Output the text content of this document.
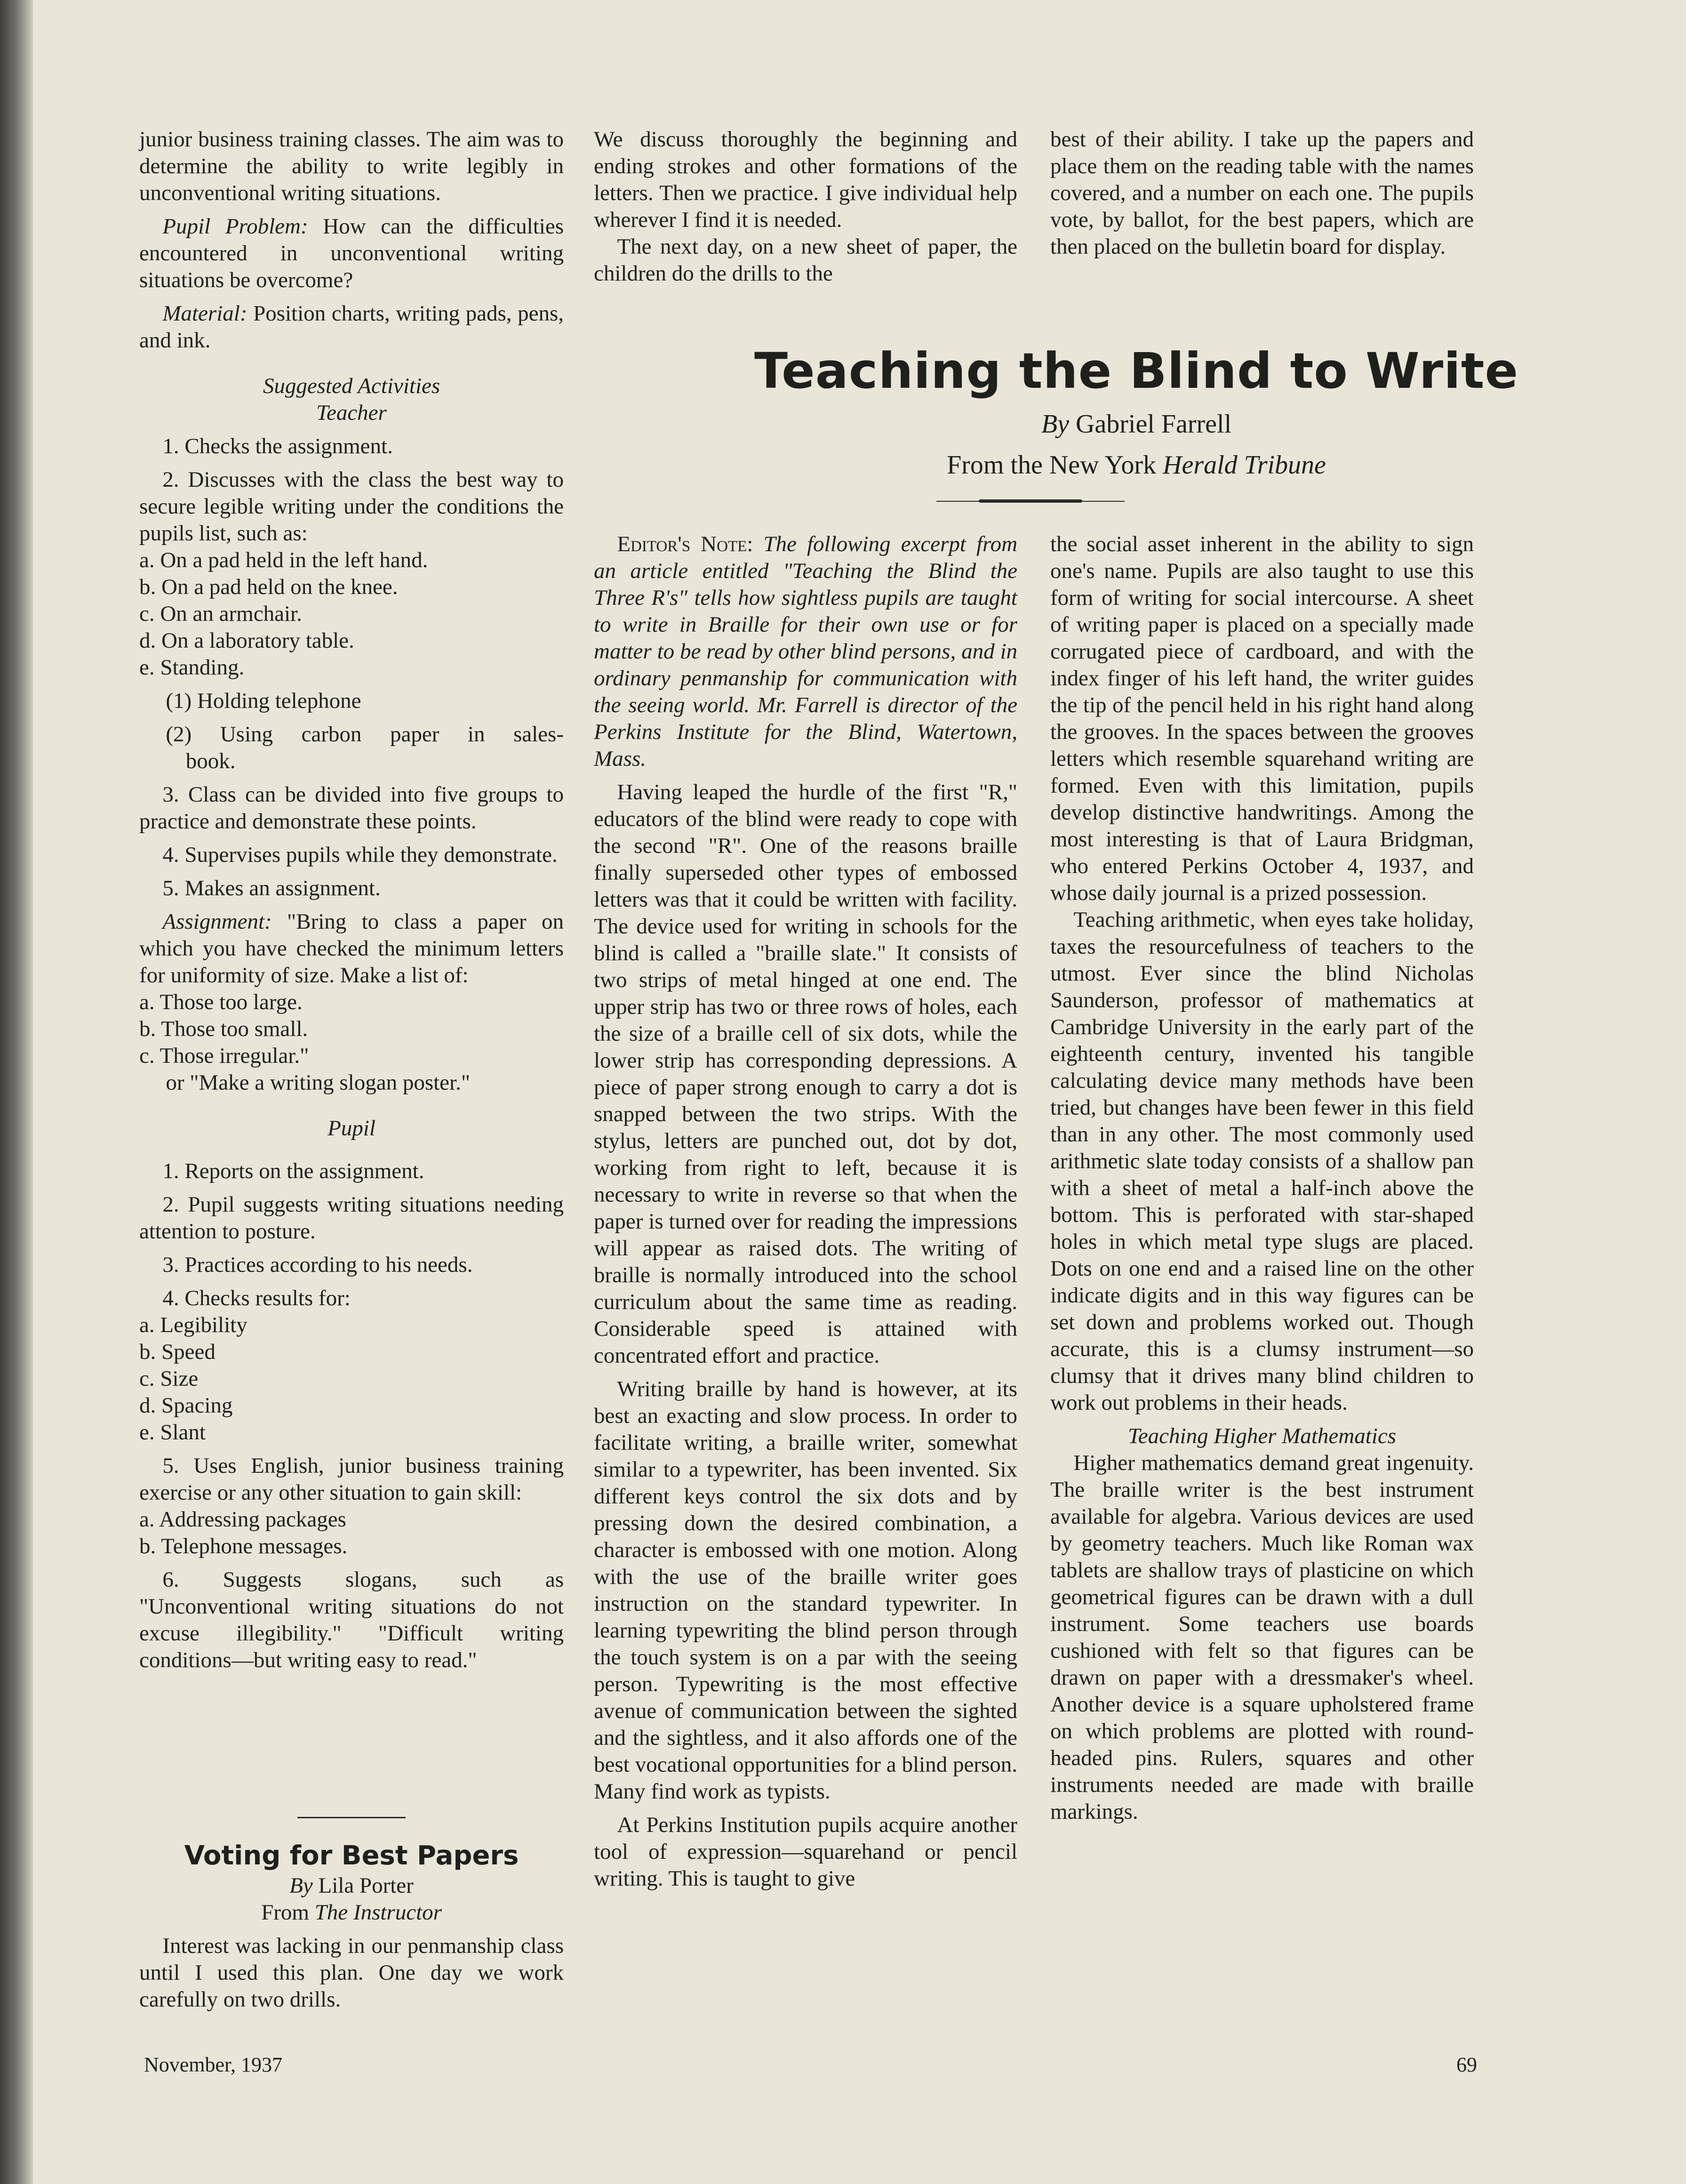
junior business training classes. The aim was to determine the ability to write legibly in unconventional writing situations.

Pupil Problem: How can the difficulties encountered in unconventional writing situations be overcome?

Material: Position charts, writing pads, pens, and ink.

Suggested Activities

Teacher

1. Checks the assignment.

2. Discusses with the class the best way to secure legible writing under the conditions the pupils list, such as:

a. On a pad held in the left hand.

b. On a pad held on the knee.

c. On an armchair.

d. On a laboratory table.

e. Standing.

(1) Holding telephone

(2) Using carbon paper in sales-

book.

3. Class can be divided into five groups to practice and demonstrate these points.

4. Supervises pupils while they demonstrate.

5. Makes an assignment.

Assignment: "Bring to class a paper on which you have checked the minimum letters for uniformity of size. Make a list of:

a. Those too large.

b. Those too small.

c. Those irregular."

or "Make a writing slogan poster."

Pupil

1. Reports on the assignment.

2. Pupil suggests writing situations needing attention to posture.

3. Practices according to his needs.

4. Checks results for:

a. Legibility

b. Speed

c. Size

d. Spacing

e. Slant

5. Uses English, junior business training exercise or any other situation to gain skill:

a. Addressing packages

b. Telephone messages.

6. Suggests slogans, such as "Unconventional writing situations do not excuse illegibility." "Difficult writing conditions—but writing easy to read."

Voting for Best Papers

By Lila Porter

From The Instructor

Interest was lacking in our penmanship class until I used this plan. One day we work carefully on two drills.

We discuss thoroughly the beginning and ending strokes and other formations of the letters. Then we practice. I give individual help wherever I find it is needed.

The next day, on a new sheet of paper, the children do the drills to the

best of their ability. I take up the papers and place them on the reading table with the names covered, and a number on each one. The pupils vote, by ballot, for the best papers, which are then placed on the bulletin board for display.

Teaching the Blind to Write
By Gabriel Farrell
From the New York Herald Tribune

Editor's Note: The following excerpt from an article entitled "Teaching the Blind the Three R's" tells how sightless pupils are taught to write in Braille for their own use or for matter to be read by other blind persons, and in ordinary penmanship for communication with the seeing world. Mr. Farrell is director of the Perkins Institute for the Blind, Watertown, Mass.

Having leaped the hurdle of the first "R," educators of the blind were ready to cope with the second "R". One of the reasons braille finally superseded other types of embossed letters was that it could be written with facility. The device used for writing in schools for the blind is called a "braille slate." It consists of two strips of metal hinged at one end. The upper strip has two or three rows of holes, each the size of a braille cell of six dots, while the lower strip has corresponding depressions. A piece of paper strong enough to carry a dot is snapped between the two strips. With the stylus, letters are punched out, dot by dot, working from right to left, because it is necessary to write in reverse so that when the paper is turned over for reading the impressions will appear as raised dots. The writing of braille is normally introduced into the school curriculum about the same time as reading. Considerable speed is attained with concentrated effort and practice.

Writing braille by hand is however, at its best an exacting and slow process. In order to facilitate writing, a braille writer, somewhat similar to a typewriter, has been invented. Six different keys control the six dots and by pressing down the desired combination, a character is embossed with one motion. Along with the use of the braille writer goes instruction on the standard typewriter. In learning typewriting the blind person through the touch system is on a par with the seeing person. Typewriting is the most effective avenue of communication between the sighted and the sightless, and it also affords one of the best vocational opportunities for a blind person. Many find work as typists.

At Perkins Institution pupils acquire another tool of expression—squarehand or pencil writing. This is taught to give

the social asset inherent in the ability to sign one's name. Pupils are also taught to use this form of writing for social intercourse. A sheet of writing paper is placed on a specially made corrugated piece of cardboard, and with the index finger of his left hand, the writer guides the tip of the pencil held in his right hand along the grooves. In the spaces between the grooves letters which resemble squarehand writing are formed. Even with this limitation, pupils develop distinctive handwritings. Among the most interesting is that of Laura Bridgman, who entered Perkins October 4, 1937, and whose daily journal is a prized possession.

Teaching arithmetic, when eyes take holiday, taxes the resourcefulness of teachers to the utmost. Ever since the blind Nicholas Saunderson, professor of mathematics at Cambridge University in the early part of the eighteenth century, invented his tangible calculating device many methods have been tried, but changes have been fewer in this field than in any other. The most commonly used arithmetic slate today consists of a shallow pan with a sheet of metal a half-inch above the bottom. This is perforated with star-shaped holes in which metal type slugs are placed. Dots on one end and a raised line on the other indicate digits and in this way figures can be set down and problems worked out. Though accurate, this is a clumsy instrument—so clumsy that it drives many blind children to work out problems in their heads.

Teaching Higher Mathematics

Higher mathematics demand great ingenuity. The braille writer is the best instrument available for algebra. Various devices are used by geometry teachers. Much like Roman wax tablets are shallow trays of plasticine on which geometrical figures can be drawn with a dull instrument. Some teachers use boards cushioned with felt so that figures can be drawn on paper with a dressmaker's wheel. Another device is a square upholstered frame on which problems are plotted with round-headed pins. Rulers, squares and other instruments needed are made with braille markings.

November, 1937	69
